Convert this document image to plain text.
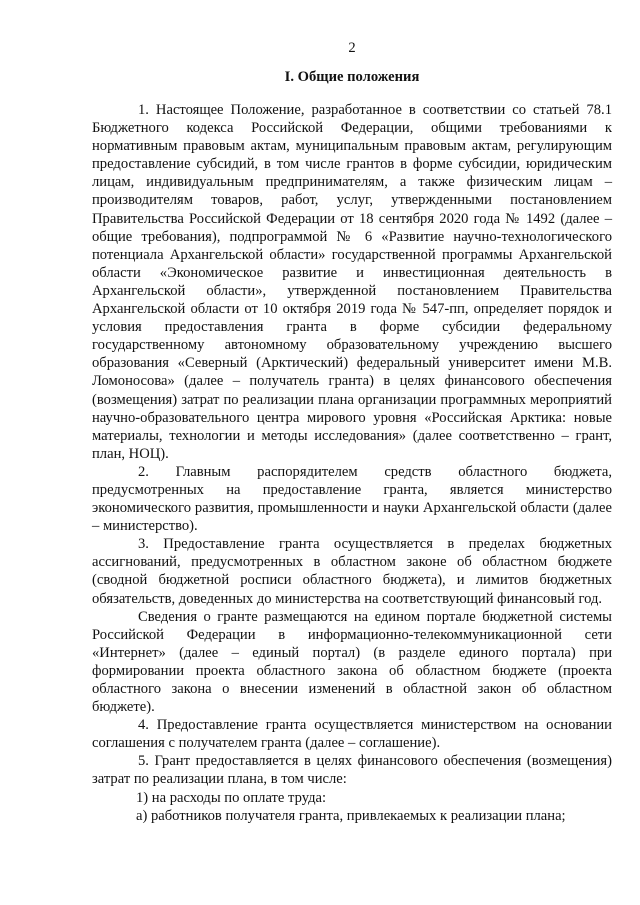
2
I. Общие положения

1. Настоящее Положение, разработанное в соответствии со статьей 78.1 Бюджетного кодекса Российской Федерации, общими требованиями к нормативным правовым актам, муниципальным правовым актам, регулирующим предоставление субсидий, в том числе грантов в форме субсидии, юридическим лицам, индивидуальным предпринимателям, а также физическим лицам – производителям товаров, работ, услуг, утвержденными постановлением Правительства Российской Федерации от 18 сентября 2020 года № 1492 (далее – общие требования), подпрограммой № 6 «Развитие научно-технологического потенциала Архангельской области» государственной программы Архангельской области «Экономическое развитие и инвестиционная деятельность в Архангельской области», утвержденной постановлением Правительства Архангельской области от 10 октября 2019 года № 547-пп, определяет порядок и условия предоставления гранта в форме субсидии федеральному государственному автономному образовательному учреждению высшего образования «Северный (Арктический) федеральный университет имени М.В. Ломоносова» (далее – получатель гранта) в целях финансового обеспечения (возмещения) затрат по реализации плана организации программных мероприятий научно-образовательного центра мирового уровня «Российская Арктика: новые материалы, технологии и методы исследования» (далее соответственно – грант, план, НОЦ).

2. Главным распорядителем средств областного бюджета, предусмотренных на предоставление гранта, является министерство экономического развития, промышленности и науки Архангельской области (далее – министерство).

3. Предоставление гранта осуществляется в пределах бюджетных ассигнований, предусмотренных в областном законе об областном бюджете (сводной бюджетной росписи областного бюджета), и лимитов бюджетных обязательств, доведенных до министерства на соответствующий финансовый год.

Сведения о гранте размещаются на едином портале бюджетной системы Российской Федерации в информационно-телекоммуникационной сети «Интернет» (далее – единый портал) (в разделе единого портала) при формировании проекта областного закона об областном бюджете (проекта областного закона о внесении изменений в областной закон об областном бюджете).

4. Предоставление гранта осуществляется министерством на основании соглашения с получателем гранта (далее – соглашение).

5. Грант предоставляется в целях финансового обеспечения (возмещения) затрат по реализации плана, в том числе:

1) на расходы по оплате труда:

а) работников получателя гранта, привлекаемых к реализации плана;
